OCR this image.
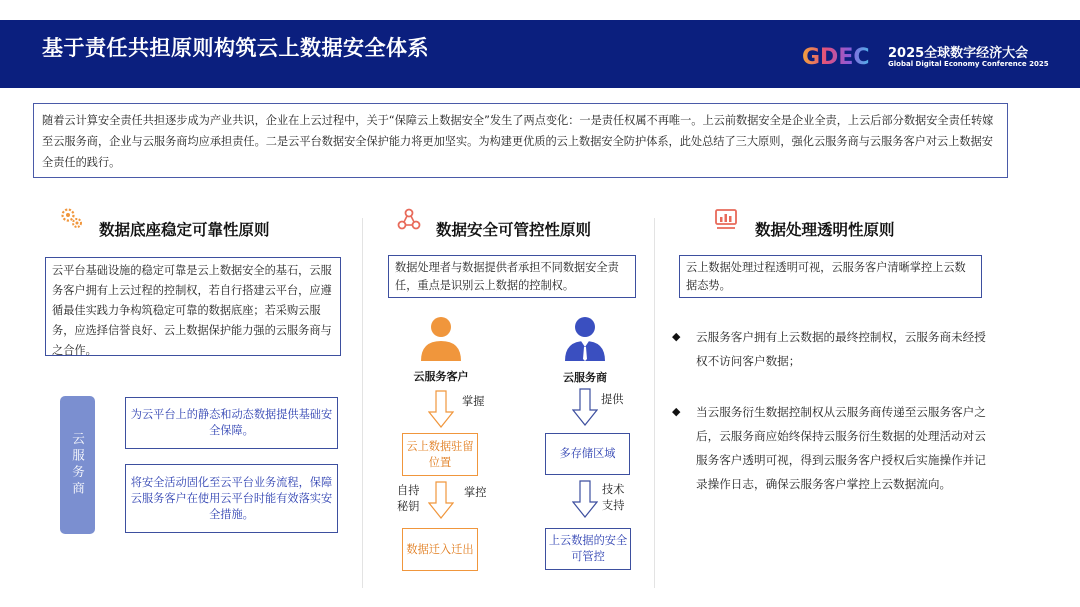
基于责任共担原则构筑云上数据安全体系	GDEC 2025全球数字经济大会
Global Digital Economy Conference 2025
随着云计算安全责任共担逐步成为产业共识，企业在上云过程中，关于“保障云上数据安全”发生了两点变化：一是责任权属不再唯一。上云前数据安全是企业全责，上云后部分数据安全责任转嫁至云服务商，企业与云服务商均应承担责任。二是云平台数据安全保护能力将更加坚实。为构建更优质的云上数据安全防护体系，此处总结了三大原则，强化云服务商与云服务客户对云上数据安全责任的践行。
数据底座稳定可靠性原则
云平台基础设施的稳定可靠是云上数据安全的基石，云服务客户拥有上云过程的控制权，若自行搭建云平台，应遵循最佳实践力争构筑稳定可靠的数据底座；若采购云服务，应选择信誉良好、云上数据保护能力强的云服务商与之合作。
云服务商
为云平台上的静态和动态数据提供基础安全保障。
将安全活动固化至云平台业务流程，保障云服务客户在使用云平台时能有效落实安全措施。
数据安全可管控性原则
数据处理者与数据提供者承担不同数据安全责任，重点是识别云上数据的控制权。
云服务客户	云服务商
掌握	提供
云上数据驻留位置
多存储区域
自持秘钥
掌控	技术支持
数据迁入迁出
上云数据的安全可管控
数据处理透明性原则
云上数据处理过程透明可视，云服务客户清晰掌控上云数据态势。
◆ 云服务客户拥有上云数据的最终控制权，云服务商未经授权不访问客户数据；
◆ 当云服务衍生数据控制权从云服务商传递至云服务客户之后，云服务商应始终保持云服务衍生数据的处理活动对云服务客户透明可视，得到云服务客户授权后实施操作并记录操作日志，确保云服务客户掌控上云数据流向。
